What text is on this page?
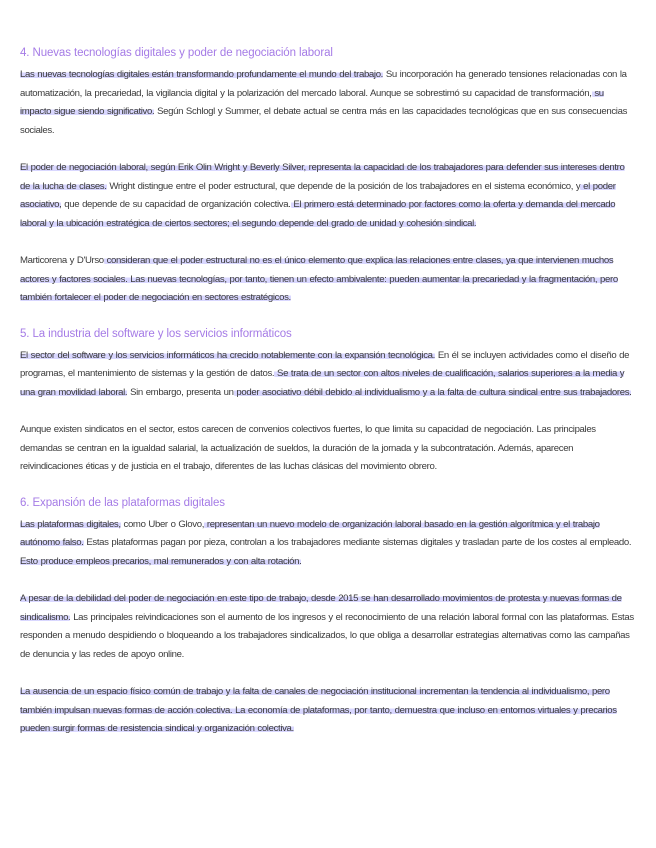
4. Nuevas tecnologías digitales y poder de negociación laboral

Las nuevas tecnologías digitales están transformando profundamente el mundo del trabajo. Su incorporación ha generado tensiones relacionadas con la automatización, la precariedad, la vigilancia digital y la polarización del mercado laboral. Aunque se sobrestimó su capacidad de transformación, su impacto sigue siendo significativo. Según Schlogl y Summer, el debate actual se centra más en las capacidades tecnológicas que en sus consecuencias sociales.

El poder de negociación laboral, según Erik Olin Wright y Beverly Silver, representa la capacidad de los trabajadores para defender sus intereses dentro de la lucha de clases. Wright distingue entre el poder estructural, que depende de la posición de los trabajadores en el sistema económico, y el poder asociativo, que depende de su capacidad de organización colectiva. El primero está determinado por factores como la oferta y demanda del mercado laboral y la ubicación estratégica de ciertos sectores; el segundo depende del grado de unidad y cohesión sindical.

Marticorena y D'Urso consideran que el poder estructural no es el único elemento que explica las relaciones entre clases, ya que intervienen muchos actores y factores sociales. Las nuevas tecnologías, por tanto, tienen un efecto ambivalente: pueden aumentar la precariedad y la fragmentación, pero también fortalecer el poder de negociación en sectores estratégicos.

5. La industria del software y los servicios informáticos

El sector del software y los servicios informáticos ha crecido notablemente con la expansión tecnológica. En él se incluyen actividades como el diseño de programas, el mantenimiento de sistemas y la gestión de datos. Se trata de un sector con altos niveles de cualificación, salarios superiores a la media y una gran movilidad laboral. Sin embargo, presenta un poder asociativo débil debido al individualismo y a la falta de cultura sindical entre sus trabajadores.

Aunque existen sindicatos en el sector, estos carecen de convenios colectivos fuertes, lo que limita su capacidad de negociación. Las principales demandas se centran en la igualdad salarial, la actualización de sueldos, la duración de la jornada y la subcontratación. Además, aparecen reivindicaciones éticas y de justicia en el trabajo, diferentes de las luchas clásicas del movimiento obrero.

6. Expansión de las plataformas digitales

Las plataformas digitales, como Uber o Glovo, representan un nuevo modelo de organización laboral basado en la gestión algorítmica y el trabajo autónomo falso. Estas plataformas pagan por pieza, controlan a los trabajadores mediante sistemas digitales y trasladan parte de los costes al empleado. Esto produce empleos precarios, mal remunerados y con alta rotación.

A pesar de la debilidad del poder de negociación en este tipo de trabajo, desde 2015 se han desarrollado movimientos de protesta y nuevas formas de sindicalismo. Las principales reivindicaciones son el aumento de los ingresos y el reconocimiento de una relación laboral formal con las plataformas. Estas responden a menudo despidiendo o bloqueando a los trabajadores sindicalizados, lo que obliga a desarrollar estrategias alternativas como las campañas de denuncia y las redes de apoyo online.

La ausencia de un espacio físico común de trabajo y la falta de canales de negociación institucional incrementan la tendencia al individualismo, pero también impulsan nuevas formas de acción colectiva. La economía de plataformas, por tanto, demuestra que incluso en entornos virtuales y precarios pueden surgir formas de resistencia sindical y organización colectiva.
